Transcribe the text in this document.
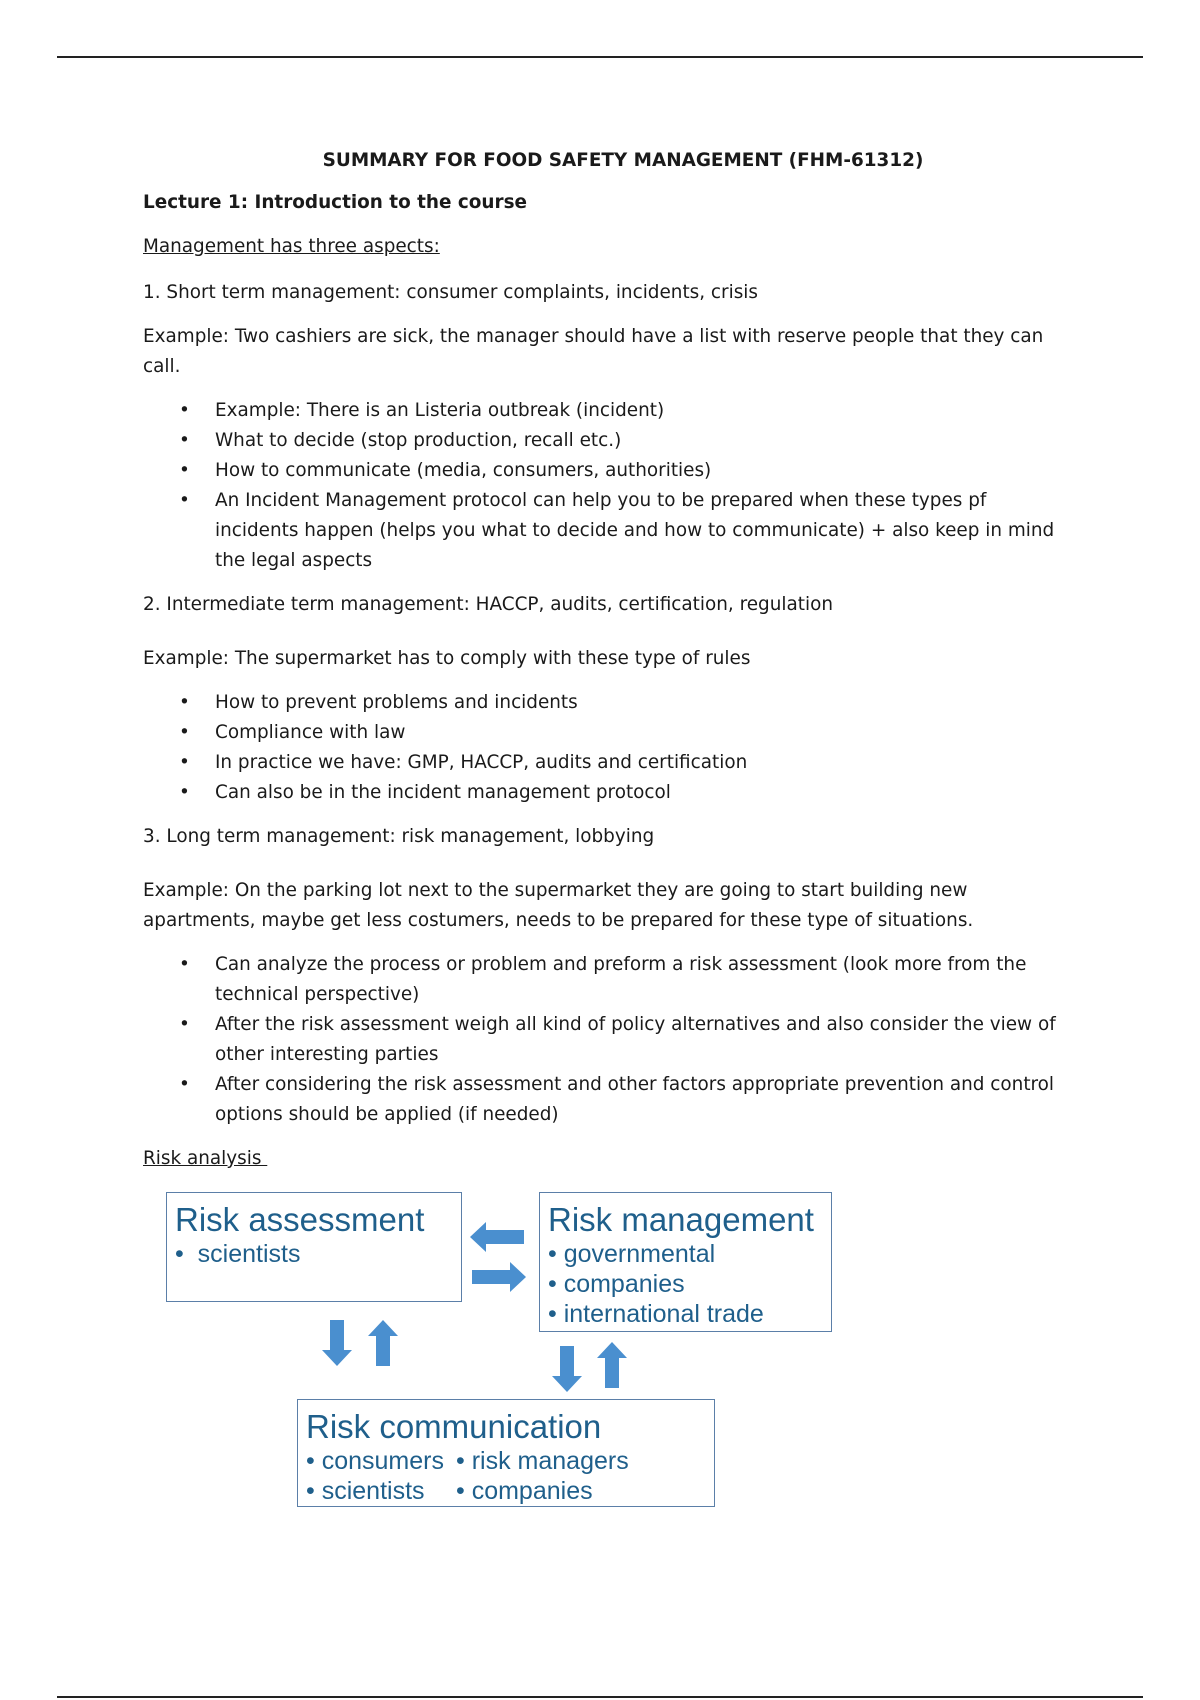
SUMMARY FOR FOOD SAFETY MANAGEMENT (FHM-61312)
Lecture 1: Introduction to the course
Management has three aspects:

1. Short term management: consumer complaints, incidents, crisis

Example: Two cashiers are sick, the manager should have a list with reserve people that they can call.

• Example: There is an Listeria outbreak (incident)
• What to decide (stop production, recall etc.)
• How to communicate (media, consumers, authorities)
• An Incident Management protocol can help you to be prepared when these types pf incidents happen (helps you what to decide and how to communicate) + also keep in mind the legal aspects

2. Intermediate term management: HACCP, audits, certification, regulation

Example: The supermarket has to comply with these type of rules

• How to prevent problems and incidents
• Compliance with law
• In practice we have: GMP, HACCP, audits and certification
• Can also be in the incident management protocol

3. Long term management: risk management, lobbying

Example: On the parking lot next to the supermarket they are going to start building new apartments, maybe get less costumers, needs to be prepared for these type of situations.

• Can analyze the process or problem and preform a risk assessment (look more from the technical perspective)
• After the risk assessment weigh all kind of policy alternatives and also consider the view of other interesting parties
• After considering the risk assessment and other factors appropriate prevention and control options should be applied (if needed)
Risk analysis
Risk assessment
•  scientists
Risk management
• governmental
• companies
• international trade
Risk communication
• consumers • risk managers
• scientists	• companies
